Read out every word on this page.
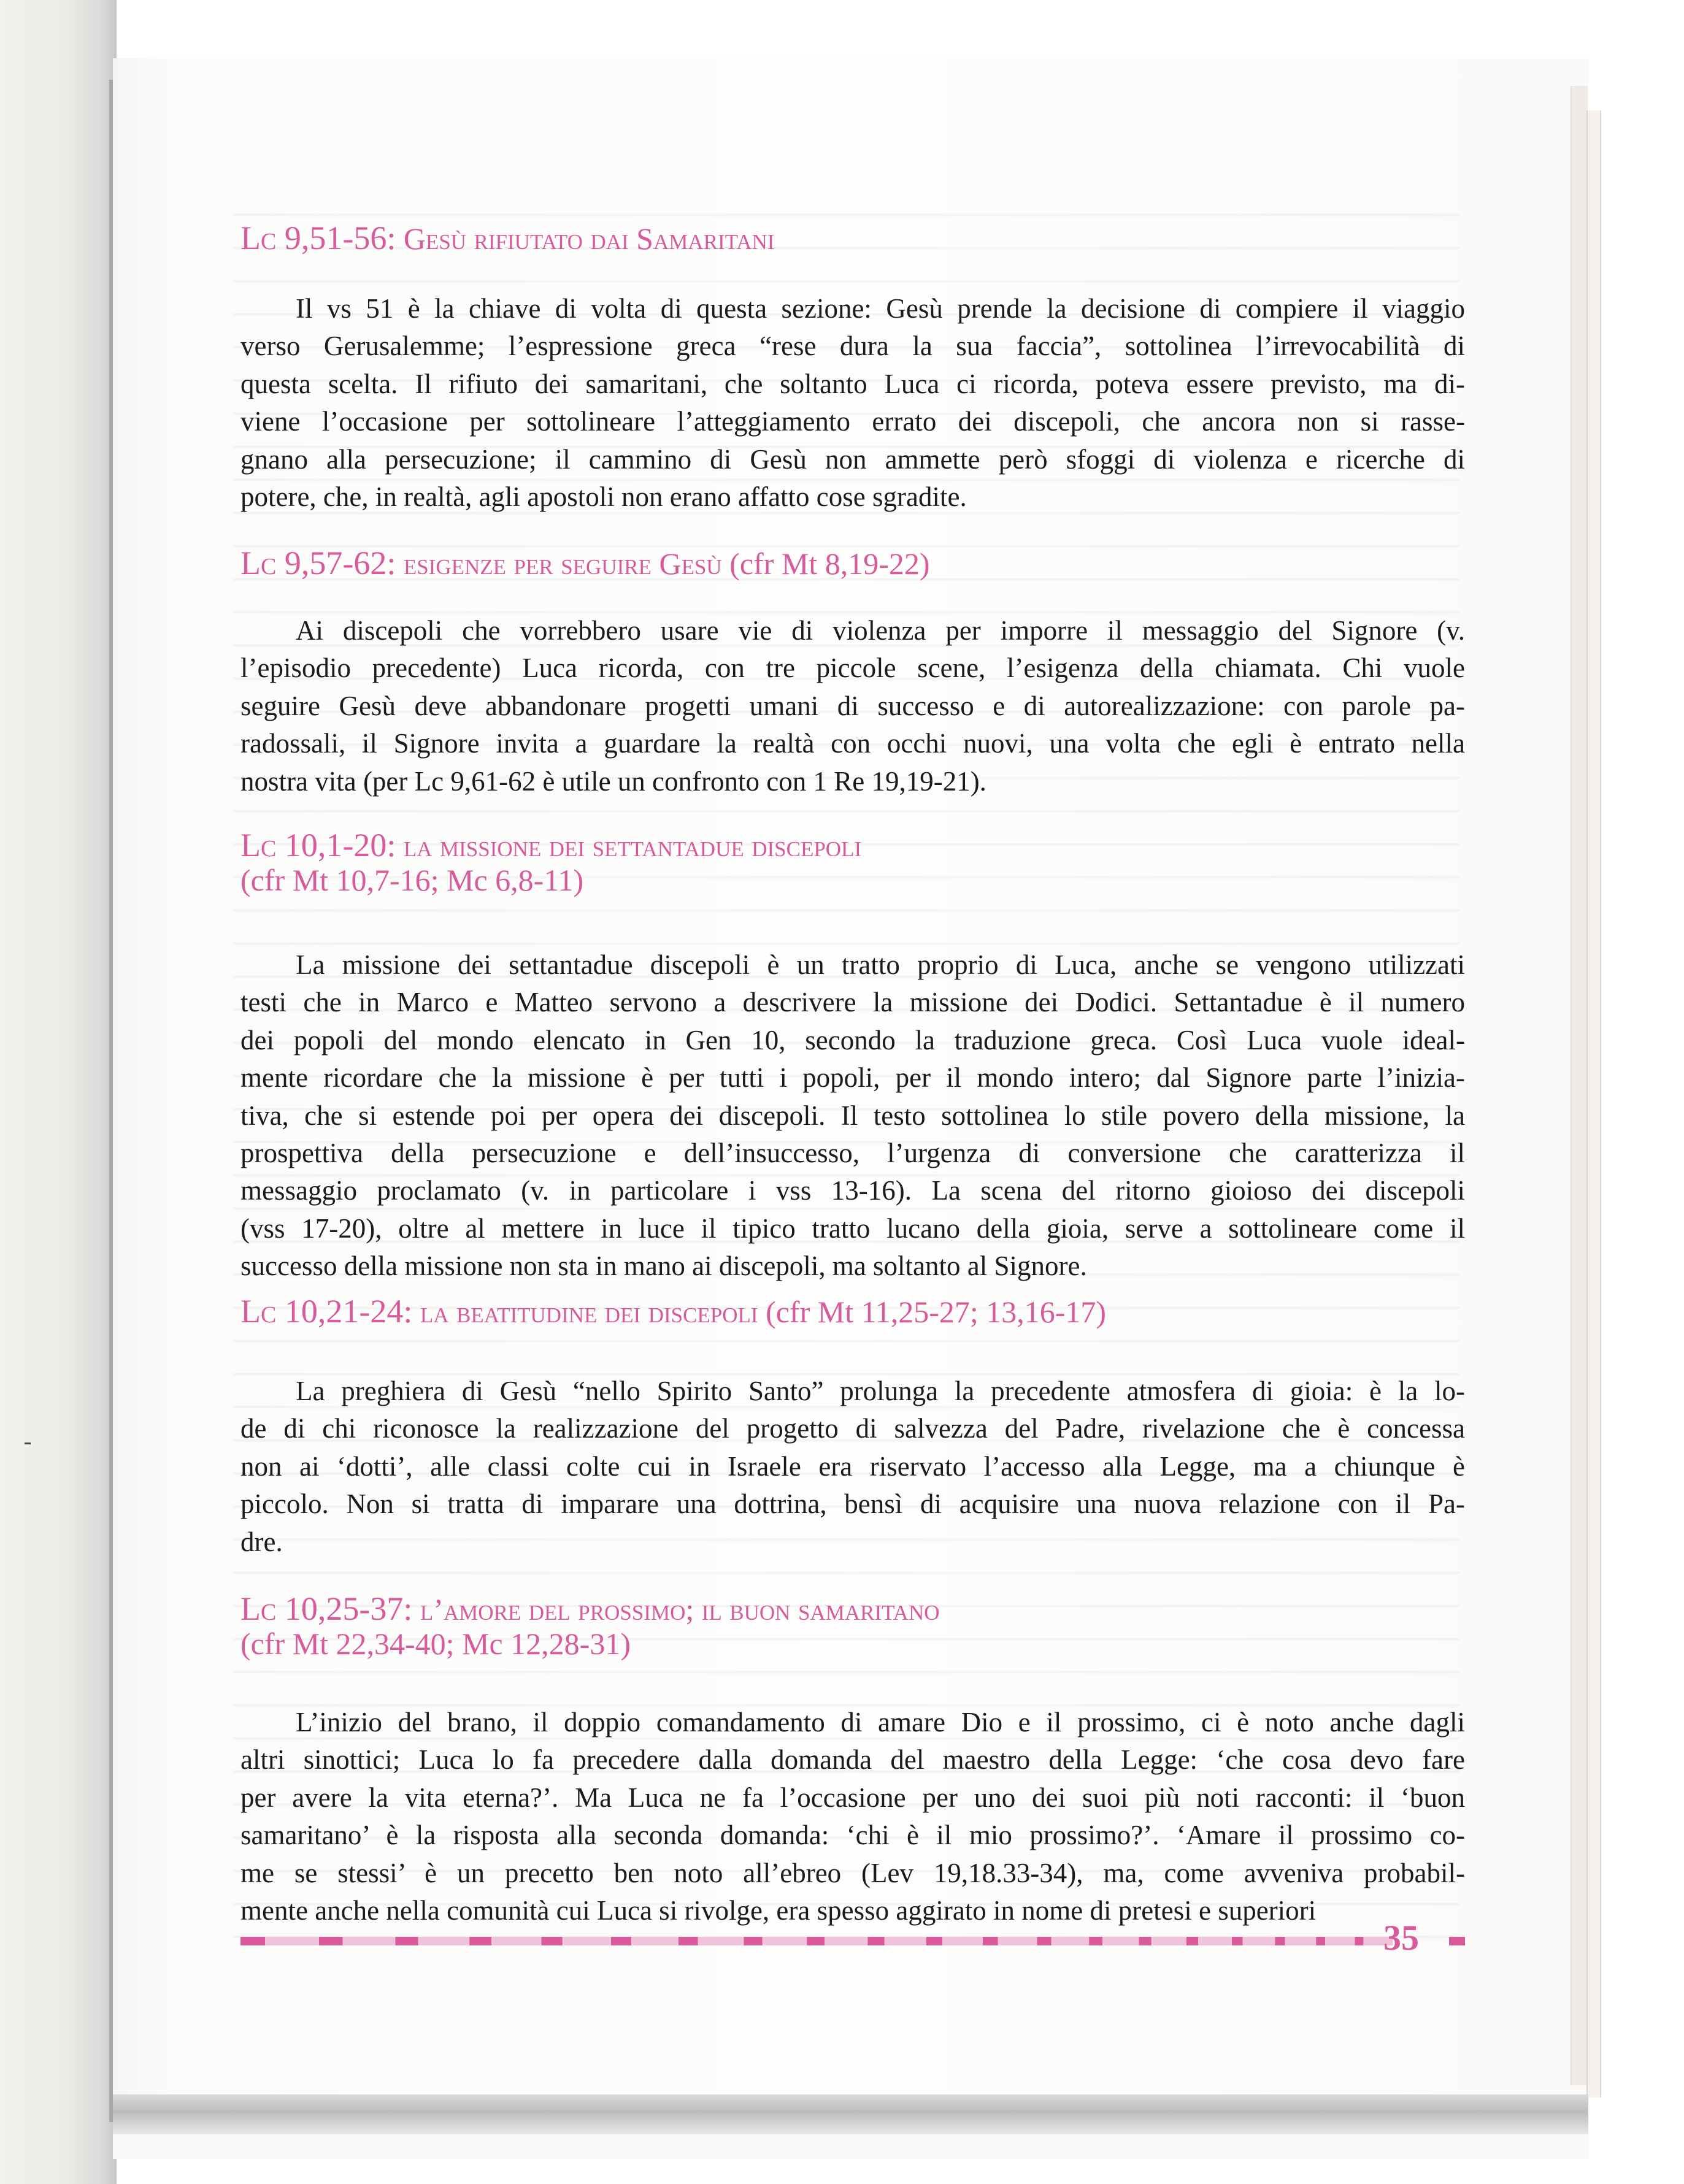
Lc 9,51-56: Gesù rifiutato dai Samaritani
Il vs 51 è la chiave di volta di questa sezione: Gesù prende la decisione di compiere il viaggio
verso Gerusalemme; l’espressione greca “rese dura la sua faccia”, sottolinea l’irrevocabilità di
questa scelta. Il rifiuto dei samaritani, che soltanto Luca ci ricorda, poteva essere previsto, ma di-
viene l’occasione per sottolineare l’atteggiamento errato dei discepoli, che ancora non si rasse-
gnano alla persecuzione; il cammino di Gesù non ammette però sfoggi di violenza e ricerche di
potere, che, in realtà, agli apostoli non erano affatto cose sgradite.
Lc 9,57-62: esigenze per seguire Gesù (cfr Mt 8,19-22)
Ai discepoli che vorrebbero usare vie di violenza per imporre il messaggio del Signore (v.
l’episodio precedente) Luca ricorda, con tre piccole scene, l’esigenza della chiamata. Chi vuole
seguire Gesù deve abbandonare progetti umani di successo e di autorealizzazione: con parole pa-
radossali, il Signore invita a guardare la realtà con occhi nuovi, una volta che egli è entrato nella
nostra vita (per Lc 9,61-62 è utile un confronto con 1 Re 19,19-21).
Lc 10,1-20: la missione dei settantadue discepoli
(cfr Mt 10,7-16; Mc 6,8-11)
La missione dei settantadue discepoli è un tratto proprio di Luca, anche se vengono utilizzati
testi che in Marco e Matteo servono a descrivere la missione dei Dodici. Settantadue è il numero
dei popoli del mondo elencato in Gen 10, secondo la traduzione greca. Così Luca vuole ideal-
mente ricordare che la missione è per tutti i popoli, per il mondo intero; dal Signore parte l’inizia-
tiva, che si estende poi per opera dei discepoli. Il testo sottolinea lo stile povero della missione, la
prospettiva della persecuzione e dell’insuccesso, l’urgenza di conversione che caratterizza il
messaggio proclamato (v. in particolare i vss 13-16). La scena del ritorno gioioso dei discepoli
(vss 17-20), oltre al mettere in luce il tipico tratto lucano della gioia, serve a sottolineare come il
successo della missione non sta in mano ai discepoli, ma soltanto al Signore.
Lc 10,21-24: la beatitudine dei discepoli (cfr Mt 11,25-27; 13,16-17)
La preghiera di Gesù “nello Spirito Santo” prolunga la precedente atmosfera di gioia: è la lo-
de di chi riconosce la realizzazione del progetto di salvezza del Padre, rivelazione che è concessa
non ai ‘dotti’, alle classi colte cui in Israele era riservato l’accesso alla Legge, ma a chiunque è
piccolo. Non si tratta di imparare una dottrina, bensì di acquisire una nuova relazione con il Pa-
dre.
Lc 10,25-37: l’amore del prossimo; il buon samaritano
(cfr Mt 22,34-40; Mc 12,28-31)
L’inizio del brano, il doppio comandamento di amare Dio e il prossimo, ci è noto anche dagli
altri sinottici; Luca lo fa precedere dalla domanda del maestro della Legge: ‘che cosa devo fare
per avere la vita eterna?’. Ma Luca ne fa l’occasione per uno dei suoi più noti racconti: il ‘buon
samaritano’ è la risposta alla seconda domanda: ‘chi è il mio prossimo?’. ‘Amare il prossimo co-
me se stessi’ è un precetto ben noto all’ebreo (Lev 19,18.33-34), ma, come avveniva probabil-
mente anche nella comunità cui Luca si rivolge, era spesso aggirato in nome di pretesi e superiori
35
